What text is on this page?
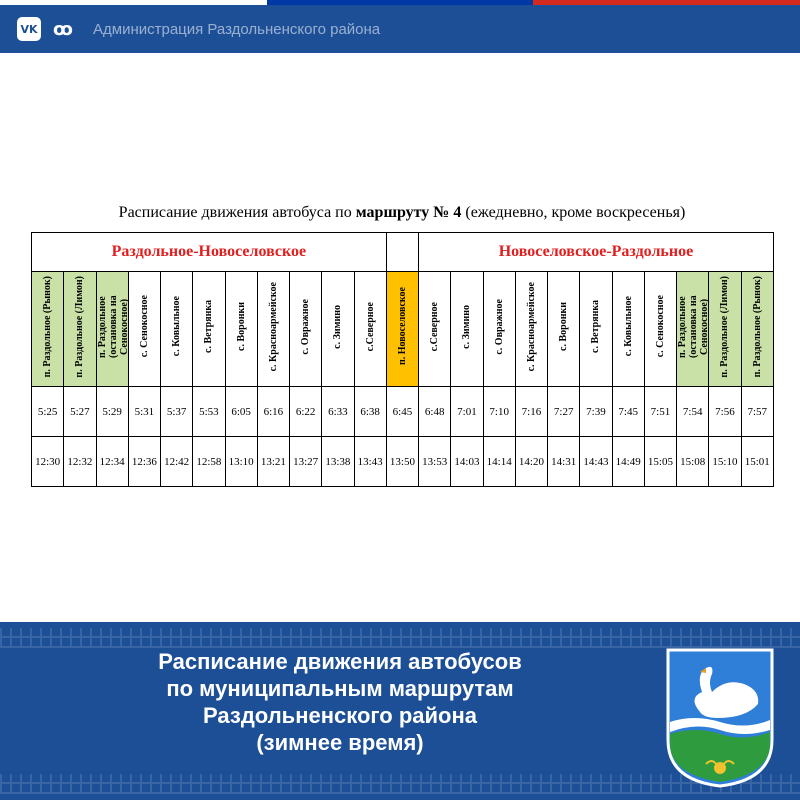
VK ꝏ Администрация Раздольненского района
Расписание движения автобуса по маршруту № 4 (ежедневно, кроме воскресенья)
Раздольное-Новоселовское												Новоселовское-Раздольное										
п. Раздольное (Рынок)	п. Раздольное (Лимон)	п. Раздольное (остановка на Сенокосное)	с. Сенокосное	с. Ковыльное	с. Ветрянка	с. Воронки	с. Красноармейское	с. Овражное	с. Зимино	с.Северное	п. Новоселовское	с.Северное	с. Зимино	с. Овражное	с. Красноармейское	с. Воронки	с. Ветрянка	с. Ковыльное	с. Сенокосное	п. Раздольное (остановка на Сенокосное)	п. Раздольное (Лимон)	п. Раздольное (Рынок)
5:25	5:27	5:29	5:31	5:37	5:53	6:05	6:16	6:22	6:33	6:38	6:45	6:48	7:01	7:10	7:16	7:27	7:39	7:45	7:51	7:54	7:56	7:57
12:30	12:32	12:34	12:36	12:42	12:58	13:10	13:21	13:27	13:38	13:43	13:50	13:53	14:03	14:14	14:20	14:31	14:43	14:49	15:05	15:08	15:10	15:01
Расписание движения автобусов
по муниципальным маршрутам
Раздольненского района
(зимнее время)
